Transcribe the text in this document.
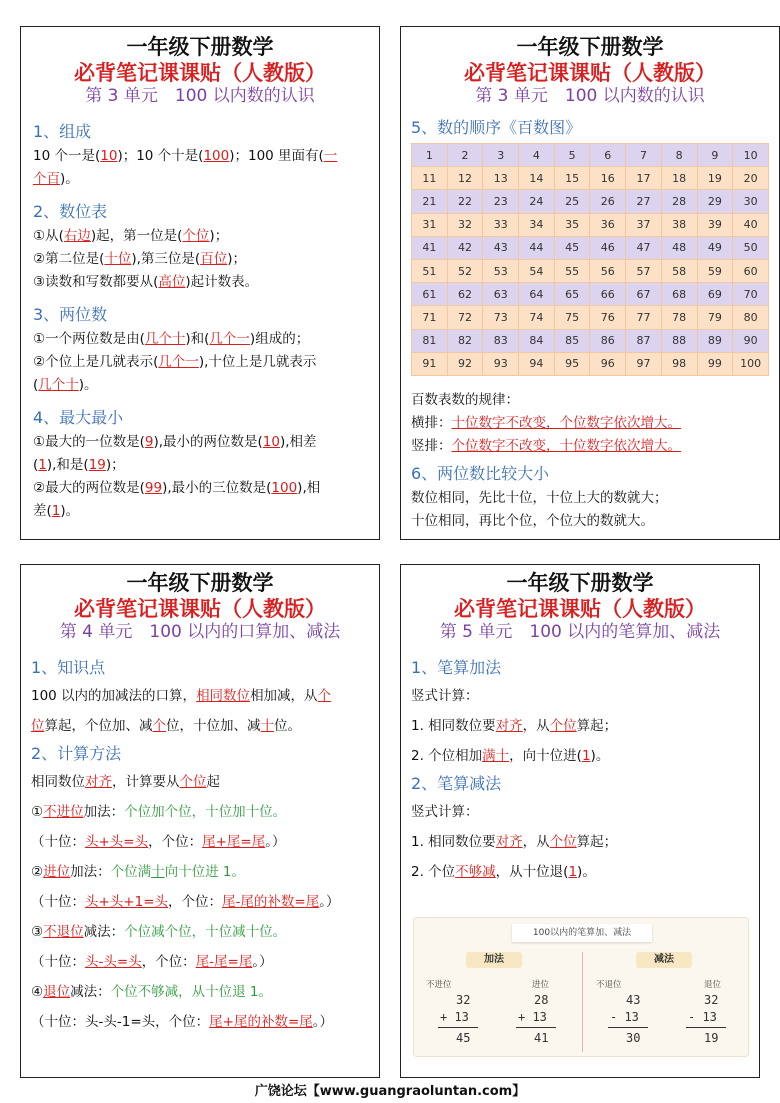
一年级下册数学
必背笔记课课贴（人教版）
第 3 单元　100 以内数的认识
1、组成
10 个一是(10)；10 个十是(100)；100 里面有(一
个百)。
2、数位表
①从(右边)起，第一位是(个位)；
②第二位是(十位),第三位是(百位)；
③读数和写数都要从(高位)起计数表。
3、两位数
①一个两位数是由(几个十)和(几个一)组成的；
②个位上是几就表示(几个一),十位上是几就表示
(几个十)。
4、最大最小
①最大的一位数是(9),最小的两位数是(10),相差
(1),和是(19)；
②最大的两位数是(99),最小的三位数是(100),相
差(1)。
一年级下册数学
必背笔记课课贴（人教版）
第 3 单元　100 以内数的认识
5、数的顺序《百数图》
1	2	3	4	5	6	7	8	9	10
11	12	13	14	15	16	17	18	19	20
21	22	23	24	25	26	27	28	29	30
31	32	33	34	35	36	37	38	39	40
41	42	43	44	45	46	47	48	49	50
51	52	53	54	55	56	57	58	59	60
61	62	63	64	65	66	67	68	69	70
71	72	73	74	75	76	77	78	79	80
81	82	83	84	85	86	87	88	89	90
91	92	93	94	95	96	97	98	99	100
百数表数的规律：
横排：十位数字不改变，个位数字依次增大。
竖排：个位数字不改变，十位数字依次增大。
6、两位数比较大小
数位相同，先比十位，十位上大的数就大；
十位相同，再比个位，个位大的数就大。
一年级下册数学
必背笔记课课贴（人教版）
第 4 单元　100 以内的口算加、减法
1、知识点
100 以内的加减法的口算，相同数位相加减，从个
位算起，个位加、减个位，十位加、减十位。
2、计算方法
相同数位对齐，计算要从个位起
①不进位加法：个位加个位，十位加十位。
（十位：头+头=头，个位：尾+尾=尾。）
②进位加法：个位满十向十位进 1。
（十位：头+头+1=头，个位：尾-尾的补数=尾。）
③不退位减法：个位减个位，十位减十位。
（十位：头-头=头，个位：尾-尾=尾。）
④退位减法：个位不够减，从十位退 1。
（十位：头-头-1=头，个位：尾+尾的补数=尾。）
一年级下册数学
必背笔记课课贴（人教版）
第 5 单元　100 以内的笔算加、减法
1、笔算加法
竖式计算：
1. 相同数位要对齐，从个位算起；
2. 个位相加满十，向十位进(1)。
2、笔算减法
竖式计算：
1. 相同数位要对齐，从个位算起；
2. 个位不够减，从十位退(1)。
100以内的笔算加、减法
加法	减法
不进位	进位	不退位	退位
32
+ 13
45
28
+ 13
41
43
- 13
30
32
- 13
19
广饶论坛【www.guangraoluntan.com】
